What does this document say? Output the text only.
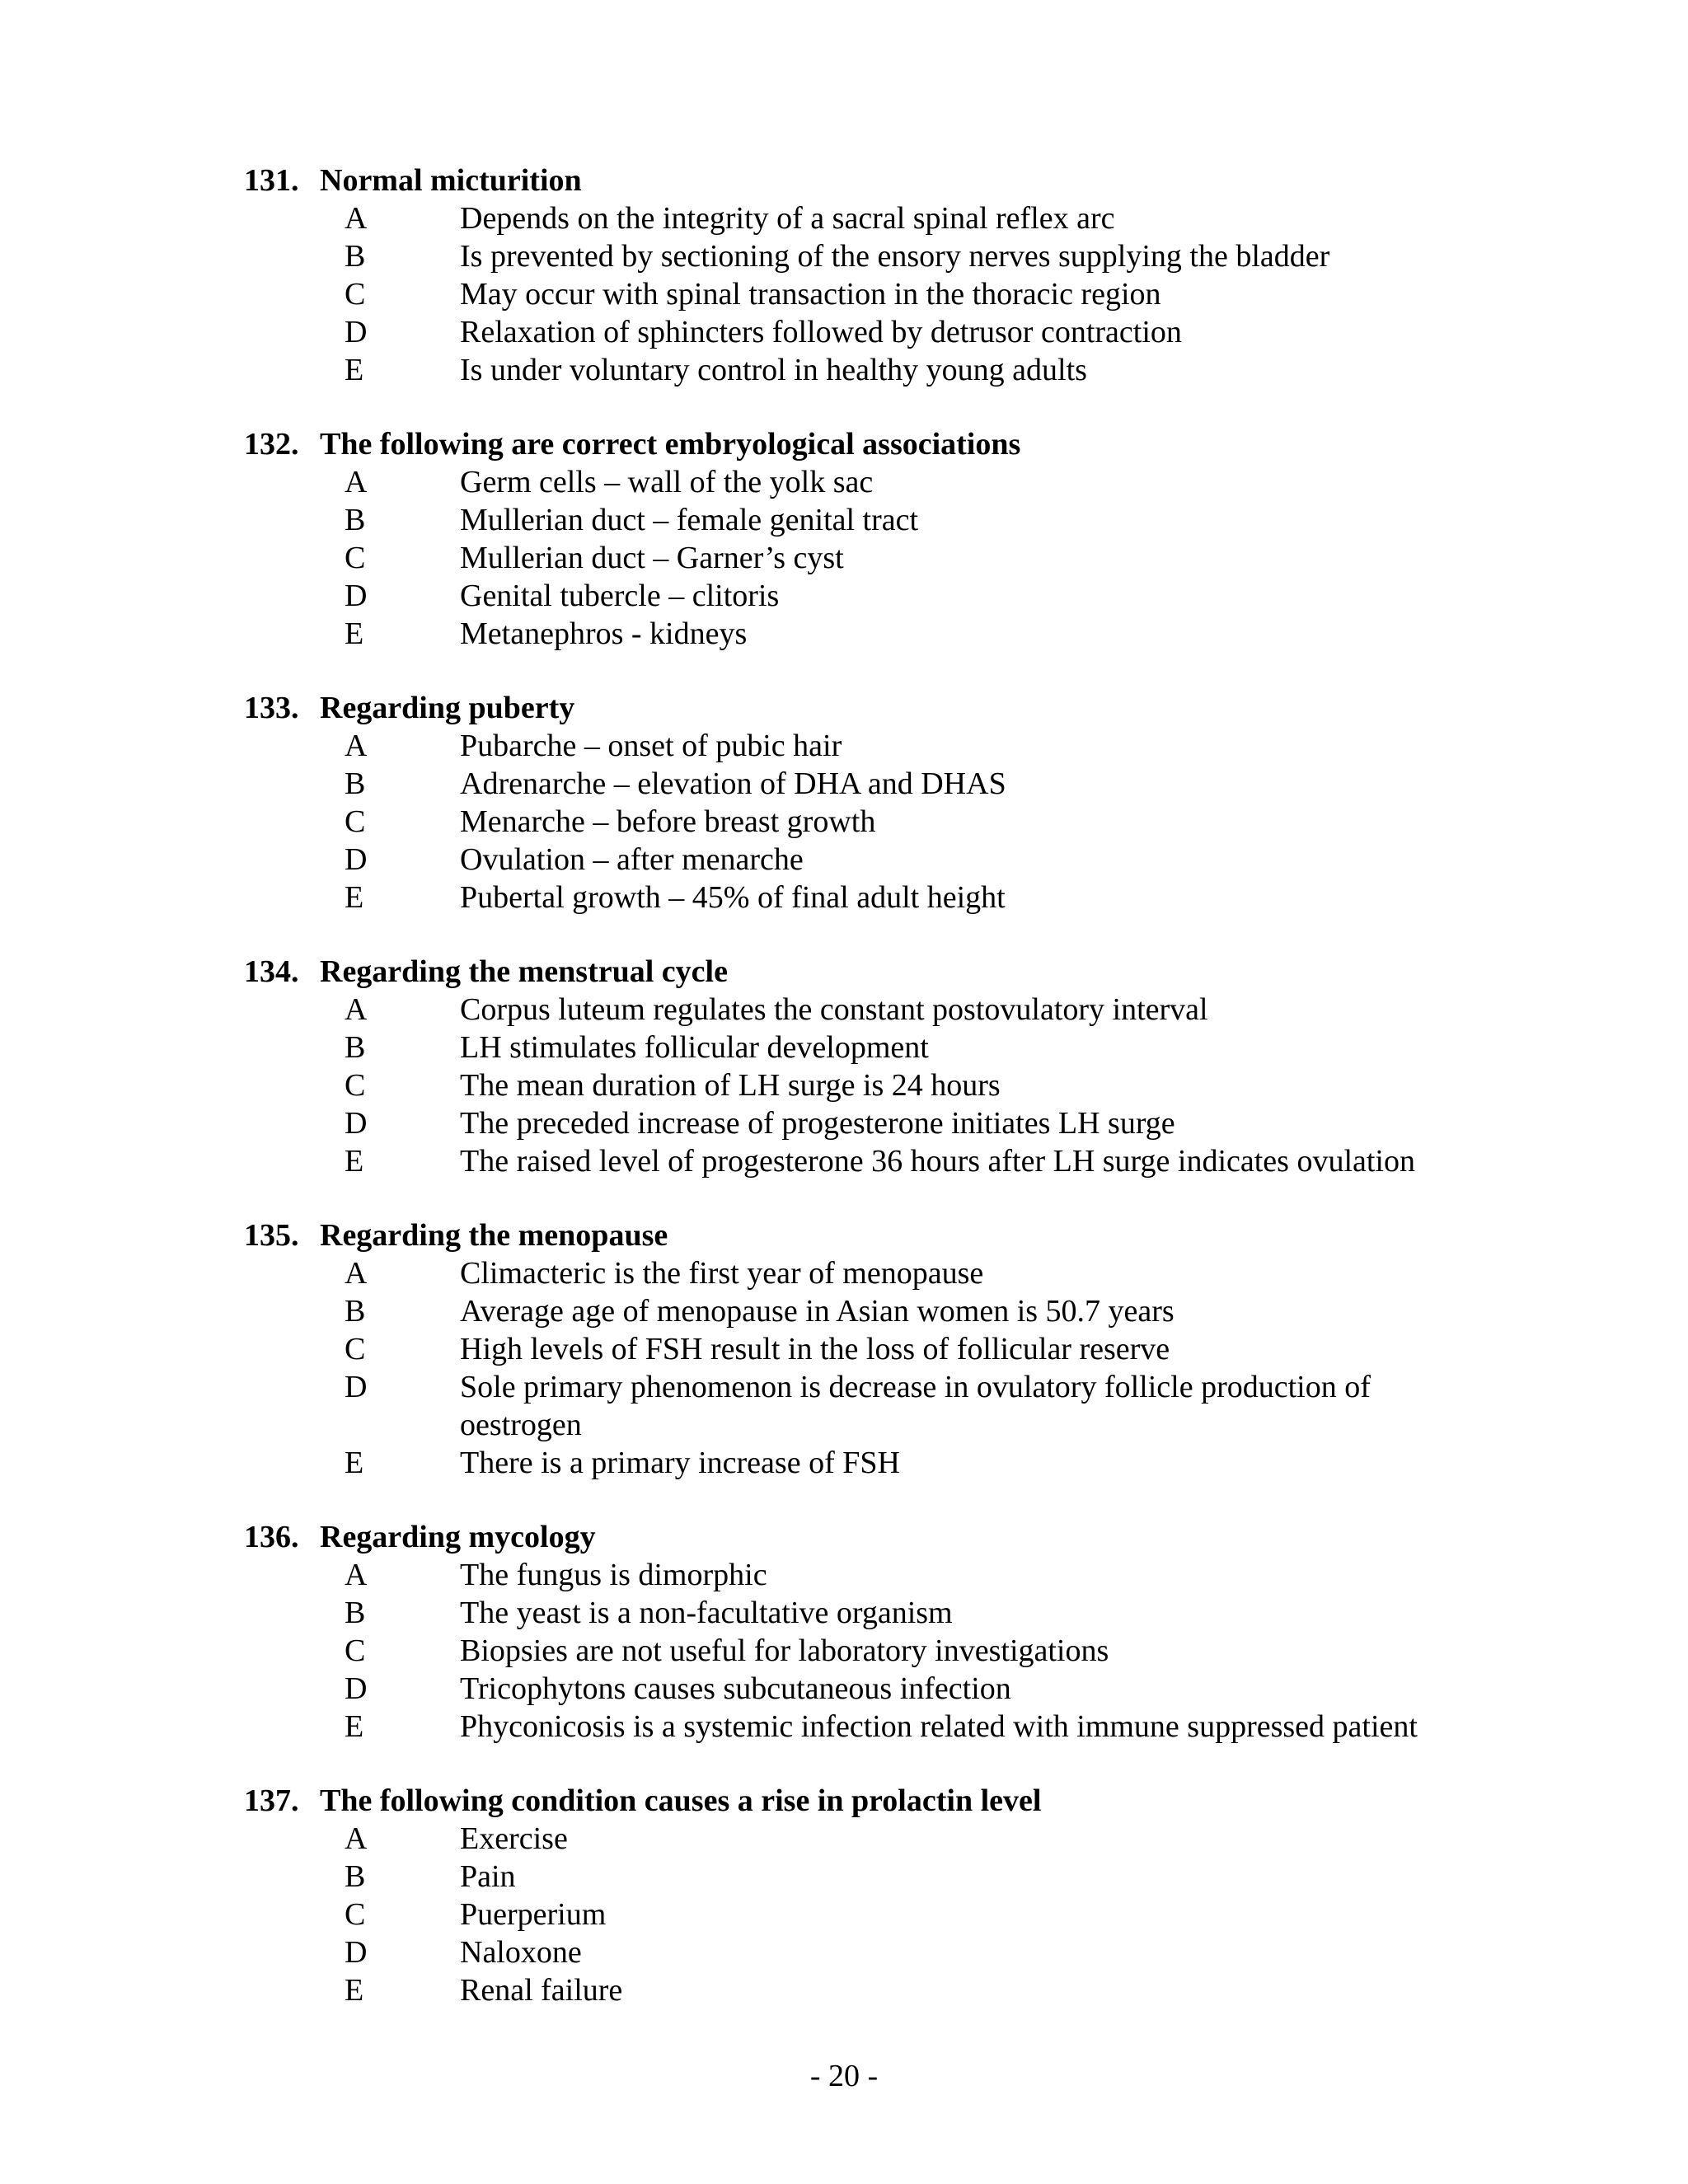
131. Normal micturition
A	Depends on the integrity of a sacral spinal reflex arc
B	Is prevented by sectioning of the ensory nerves supplying the bladder
C	May occur with spinal transaction in the thoracic region
D	Relaxation of sphincters followed by detrusor contraction
E	Is under voluntary control in healthy young adults
132. The following are correct embryological associations
A	Germ cells – wall of the yolk sac
B	Mullerian duct – female genital tract
C	Mullerian duct – Garner’s cyst
D	Genital tubercle – clitoris
E	Metanephros - kidneys
133. Regarding puberty
A	Pubarche – onset of pubic hair
B	Adrenarche – elevation of DHA and DHAS
C	Menarche – before breast growth
D	Ovulation – after menarche
E	Pubertal growth – 45% of final adult height
134. Regarding the menstrual cycle
A	Corpus luteum regulates the constant postovulatory interval
B	LH stimulates follicular development
C	The mean duration of LH surge is 24 hours
D	The preceded increase of progesterone initiates LH surge
E	The raised level of progesterone 36 hours after LH surge indicates ovulation
135. Regarding the menopause
A	Climacteric is the first year of menopause
B	Average age of menopause in Asian women is 50.7 years
C	High levels of FSH result in the loss of follicular reserve
D	Sole primary phenomenon is decrease in ovulatory follicle production of oestrogen
E	There is a primary increase of FSH
136. Regarding mycology
A	The fungus is dimorphic
B	The yeast is a non-facultative organism
C	Biopsies are not useful for laboratory investigations
D	Tricophytons causes subcutaneous infection
E	Phyconicosis is a systemic infection related with immune suppressed patient
137. The following condition causes a rise in prolactin level
A	Exercise
B	Pain
C	Puerperium
D	Naloxone
E	Renal failure
- 20 -
